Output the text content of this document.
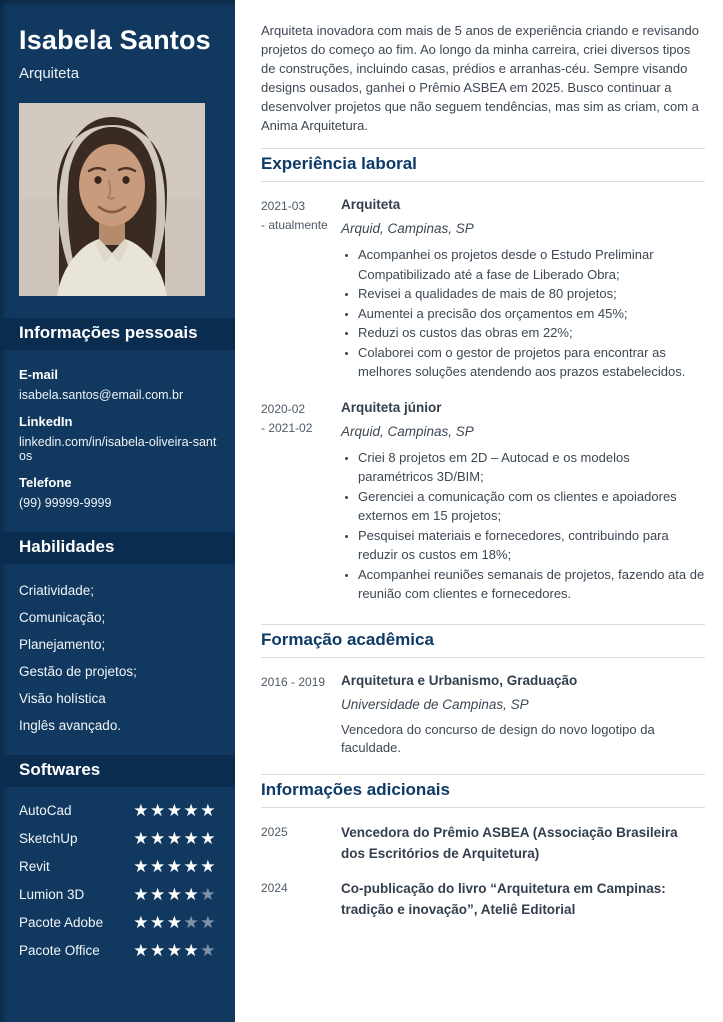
Isabela Santos
Arquiteta
Informações pessoais
E-mail
isabela.santos@email.com.br
LinkedIn
linkedin.com/in/isabela-oliveira-santos
Telefone
(99) 99999-9999
Habilidades
Criatividade;
Comunicação;
Planejamento;
Gestão de projetos;
Visão holística
Inglês avançado.
Softwares
AutoCad	★★★★★
SketchUp	★★★★★
Revit	★★★★★
Lumion 3D	★★★★★
Pacote Adobe ★★★★★
Pacote Office ★★★★★

Arquiteta inovadora com mais de 5 anos de experiência criando e revisando projetos do começo ao fim. Ao longo da minha carreira, criei diversos tipos de construções, incluindo casas, prédios e arranhas-céu. Sempre visando designs ousados, ganhei o Prêmio ASBEA em 2025. Busco continuar a desenvolver projetos que não seguem tendências, mas sim as criam, com a Anima Arquitetura.

Experiência laboral
2021-03
- atualmente
Arquiteta
Arquid, Campinas, SP
• Acompanhei os projetos desde o Estudo Preliminar Compatibilizado até a fase de Liberado Obra;
• Revisei a qualidades de mais de 80 projetos;
• Aumentei a precisão dos orçamentos em 45%;
• Reduzi os custos das obras em 22%;
• Colaborei com o gestor de projetos para encontrar as melhores soluções atendendo aos prazos estabelecidos.
2020-02
- 2021-02
Arquiteta júnior
Arquid, Campinas, SP
• Criei 8 projetos em 2D – Autocad e os modelos paramétricos 3D/BIM;
• Gerenciei a comunicação com os clientes e apoiadores externos em 15 projetos;
• Pesquisei materiais e fornecedores, contribuindo para reduzir os custos em 18%;
• Acompanhei reuniões semanais de projetos, fazendo ata de reunião com clientes e fornecedores.
Formação acadêmica
2016 - 2019	Arquitetura e Urbanismo, Graduação
Universidade de Campinas, SP
Vencedora do concurso de design do novo logotipo da faculdade.
Informações adicionais
2025	Vencedora do Prêmio ASBEA (Associação Brasileira dos Escritórios de Arquitetura)
2024	Co-publicação do livro “Arquitetura em Campinas: tradição e inovação”, Ateliê Editorial
